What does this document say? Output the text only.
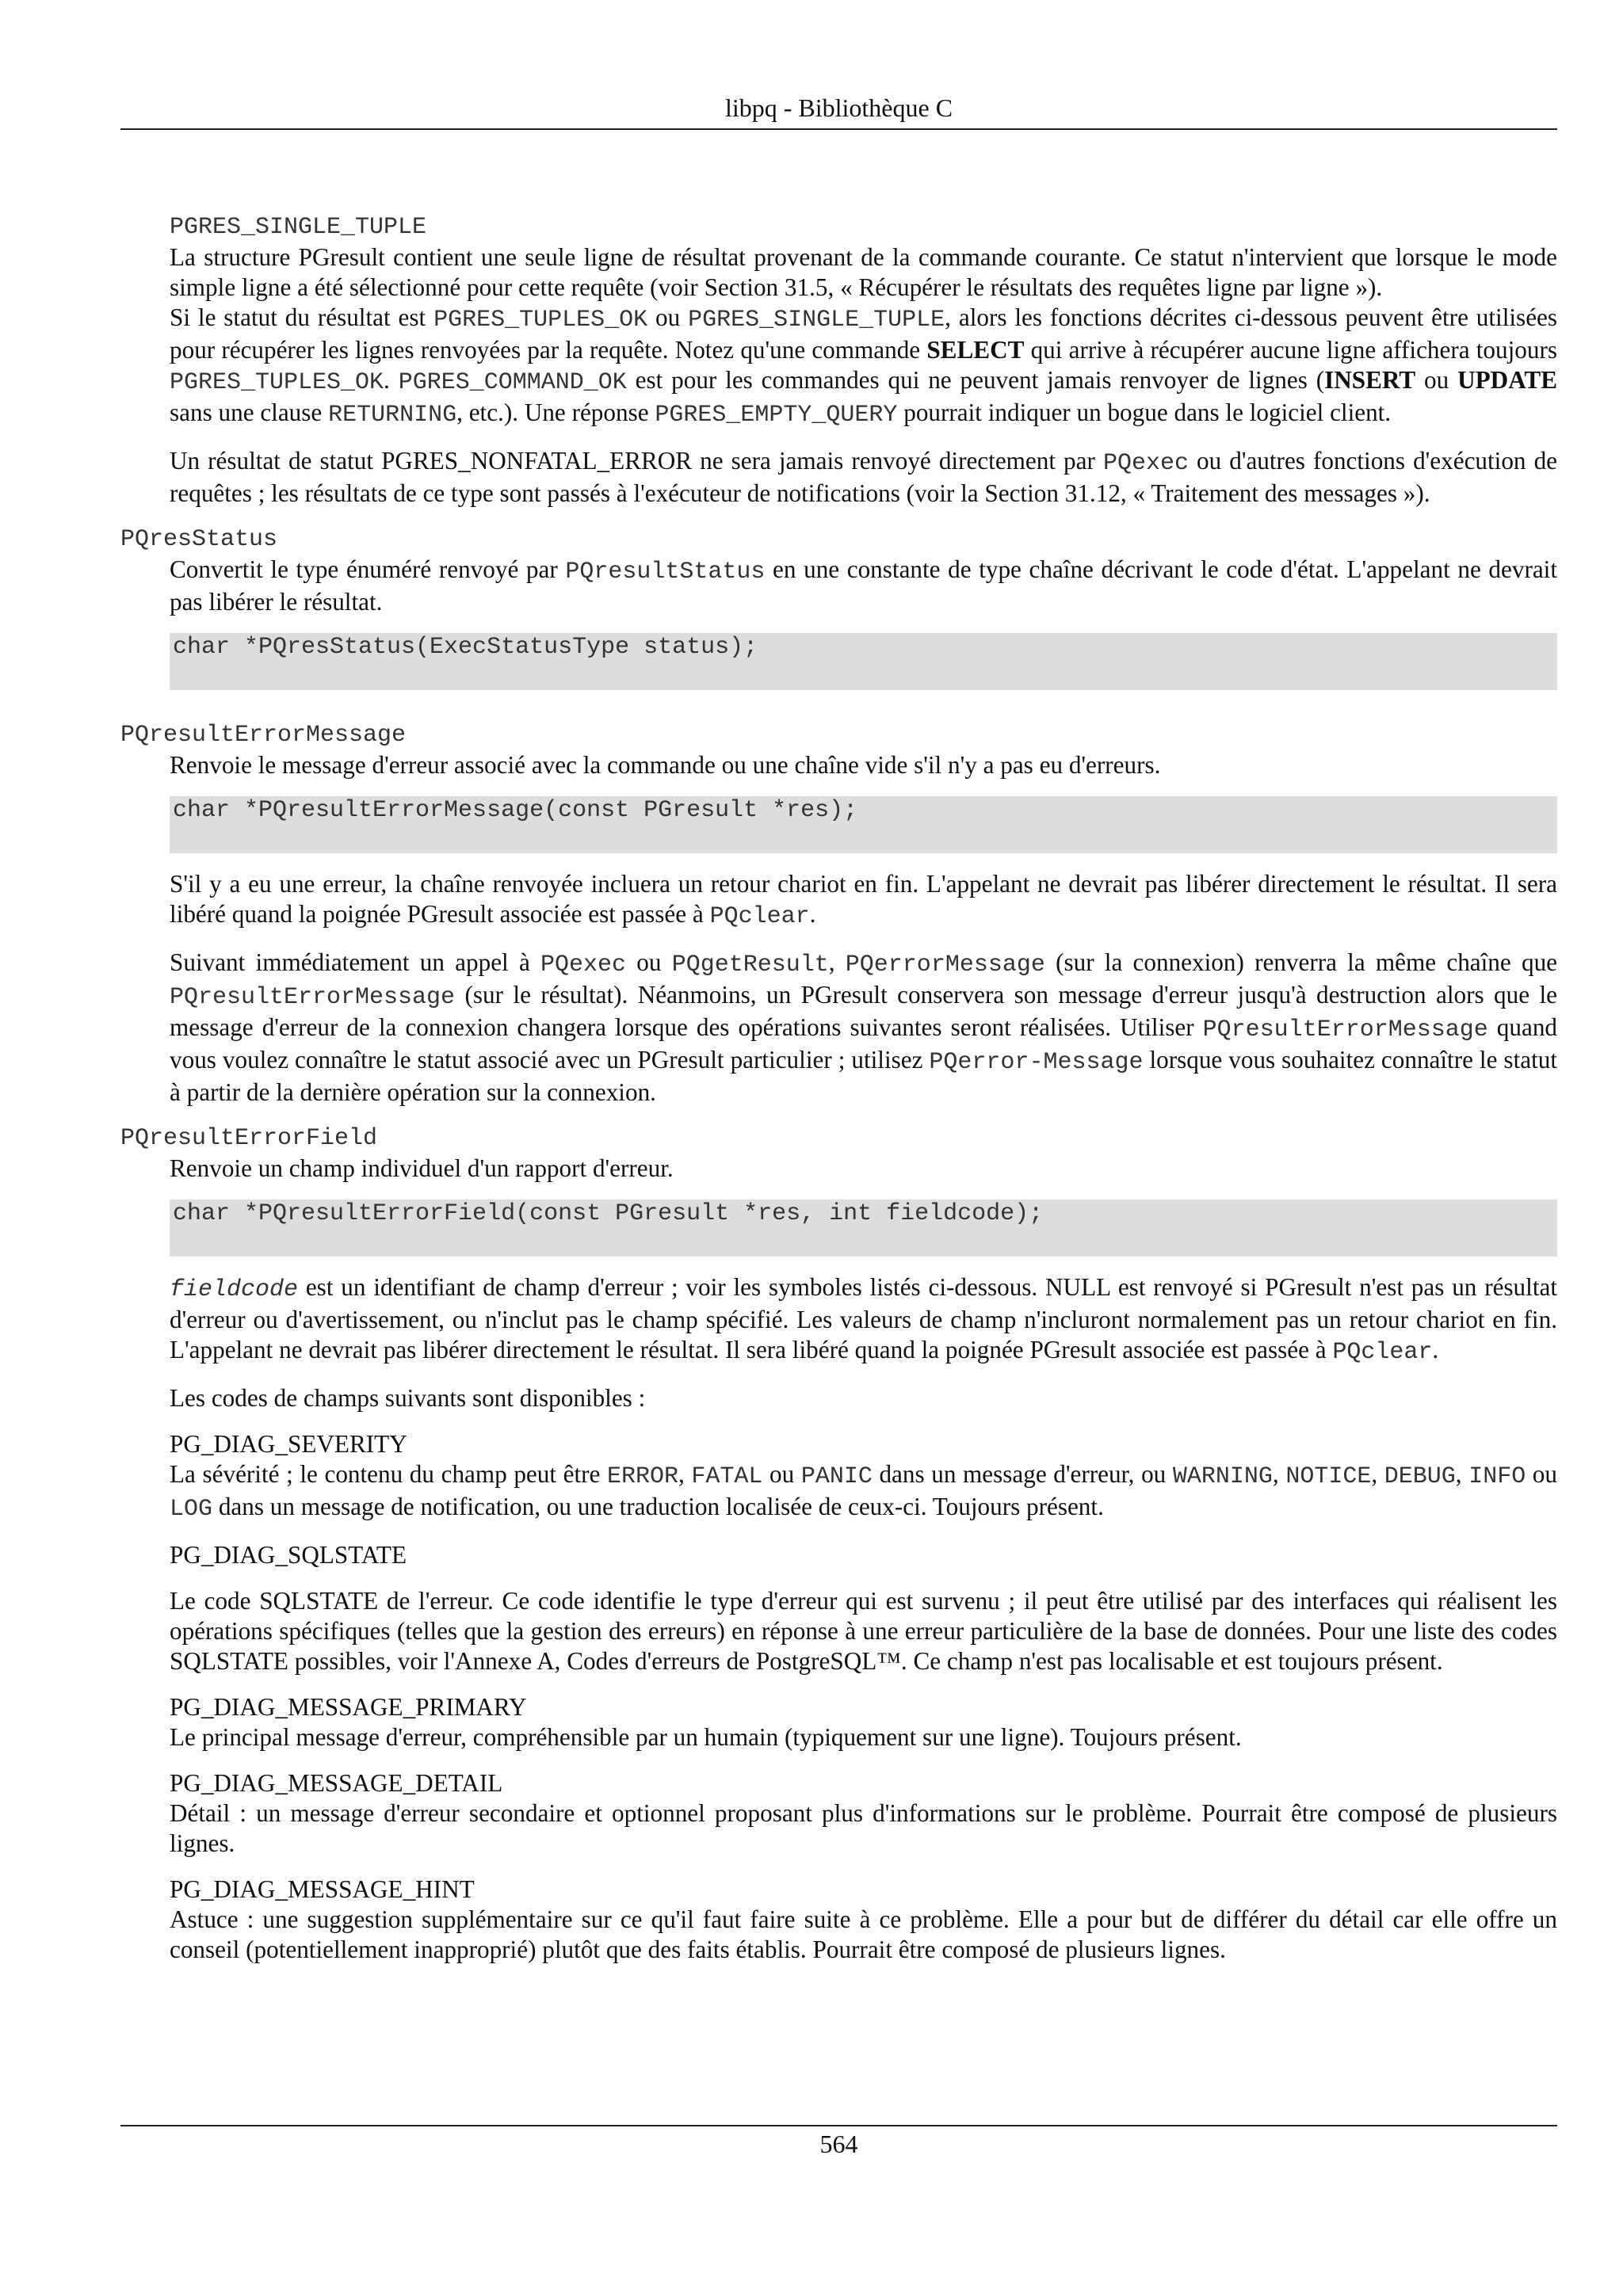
libpq - Bibliothèque C
PGRES_SINGLE_TUPLE

La structure PGresult contient une seule ligne de résultat provenant de la commande courante. Ce statut n'intervient que lorsque le mode simple ligne a été sélectionné pour cette requête (voir Section 31.5, « Récupérer le résultats des requêtes ligne par ligne »).

Si le statut du résultat est PGRES_TUPLES_OK ou PGRES_SINGLE_TUPLE, alors les fonctions décrites ci-dessous peuvent être utilisées pour récupérer les lignes renvoyées par la requête. Notez qu'une commande SELECT qui arrive à récupérer aucune ligne affichera toujours PGRES_TUPLES_OK. PGRES_COMMAND_OK est pour les commandes qui ne peuvent jamais renvoyer de lignes (INSERT ou UPDATE sans une clause RETURNING, etc.). Une réponse PGRES_EMPTY_QUERY pourrait indiquer un bogue dans le logiciel client.

Un résultat de statut PGRES_NONFATAL_ERROR ne sera jamais renvoyé directement par PQexec ou d'autres fonctions d'exécution de requêtes ; les résultats de ce type sont passés à l'exécuteur de notifications (voir la Section 31.12, « Traitement des messages »).

PQresStatus

Convertit le type énuméré renvoyé par PQresultStatus en une constante de type chaîne décrivant le code d'état. L'appelant ne devrait pas libérer le résultat.

char *PQresStatus(ExecStatusType status);
PQresultErrorMessage

Renvoie le message d'erreur associé avec la commande ou une chaîne vide s'il n'y a pas eu d'erreurs.

char *PQresultErrorMessage(const PGresult *res);

S'il y a eu une erreur, la chaîne renvoyée incluera un retour chariot en fin. L'appelant ne devrait pas libérer directement le résultat. Il sera libéré quand la poignée PGresult associée est passée à PQclear.

Suivant immédiatement un appel à PQexec ou PQgetResult, PQerrorMessage (sur la connexion) renverra la même chaîne que PQresultErrorMessage (sur le résultat). Néanmoins, un PGresult conservera son message d'erreur jusqu'à destruction alors que le message d'erreur de la connexion changera lorsque des opérations suivantes seront réalisées. Utiliser PQresultErrorMessage quand vous voulez connaître le statut associé avec un PGresult particulier ; utilisez PQerror-Message lorsque vous souhaitez connaître le statut à partir de la dernière opération sur la connexion.

PQresultErrorField

Renvoie un champ individuel d'un rapport d'erreur.

char *PQresultErrorField(const PGresult *res, int fieldcode);

fieldcode est un identifiant de champ d'erreur ; voir les symboles listés ci-dessous. NULL est renvoyé si PGresult n'est pas un résultat d'erreur ou d'avertissement, ou n'inclut pas le champ spécifié. Les valeurs de champ n'incluront normalement pas un retour chariot en fin. L'appelant ne devrait pas libérer directement le résultat. Il sera libéré quand la poignée PGresult associée est passée à PQclear.

Les codes de champs suivants sont disponibles :

PG_DIAG_SEVERITY

La sévérité ; le contenu du champ peut être ERROR, FATAL ou PANIC dans un message d'erreur, ou WARNING, NOTICE, DEBUG, INFO ou LOG dans un message de notification, ou une traduction localisée de ceux-ci. Toujours présent.

PG_DIAG_SQLSTATE

Le code SQLSTATE de l'erreur. Ce code identifie le type d'erreur qui est survenu ; il peut être utilisé par des interfaces qui réalisent les opérations spécifiques (telles que la gestion des erreurs) en réponse à une erreur particulière de la base de données. Pour une liste des codes SQLSTATE possibles, voir l'Annexe A, Codes d'erreurs de PostgreSQL™. Ce champ n'est pas localisable et est toujours présent.

PG_DIAG_MESSAGE_PRIMARY

Le principal message d'erreur, compréhensible par un humain (typiquement sur une ligne). Toujours présent.

PG_DIAG_MESSAGE_DETAIL

Détail : un message d'erreur secondaire et optionnel proposant plus d'informations sur le problème. Pourrait être composé de plusieurs lignes.

PG_DIAG_MESSAGE_HINT

Astuce : une suggestion supplémentaire sur ce qu'il faut faire suite à ce problème. Elle a pour but de différer du détail car elle offre un conseil (potentiellement inapproprié) plutôt que des faits établis. Pourrait être composé de plusieurs lignes.

564
